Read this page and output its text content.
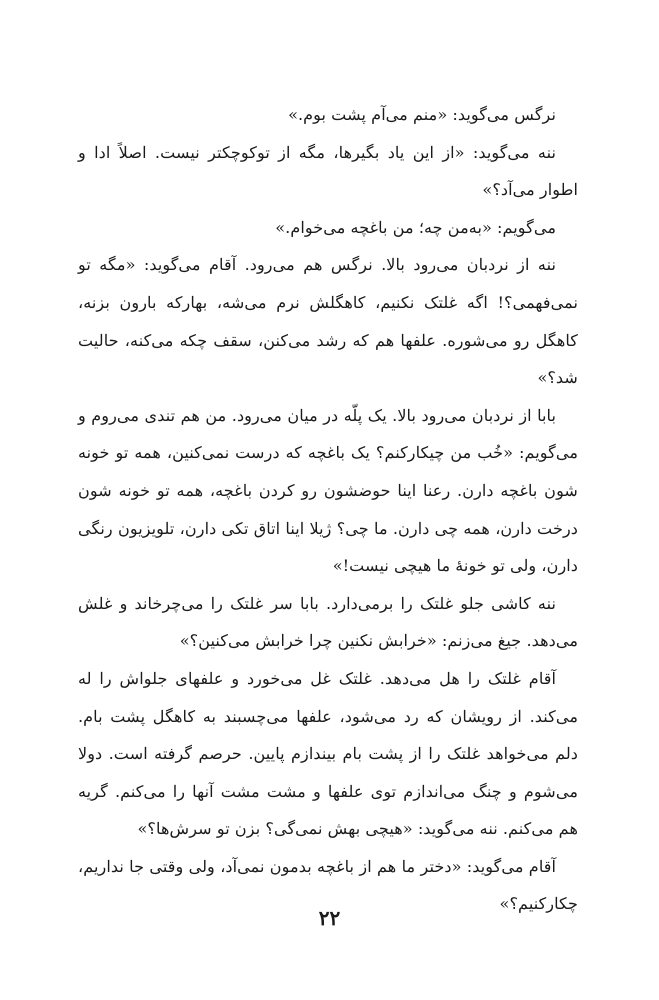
نرگس می‌گوید: «منم می‌آم پشت بوم.»

ننه می‌گوید: «از این یاد بگیرها، مگه از توکوچکتر نیست. اصلاً ادا و اطوار می‌آد؟»

می‌گویم: «به‌من چه؛ من باغچه می‌خوام.»

ننه از نردبان می‌رود بالا. نرگس هم می‌رود. آقام می‌گوید: «مگه تو نمی‌فهمی؟! اگه غلتک نکنیم، کاهگلش نرم می‌شه، بهارکه بارون بزنه، کاهگل رو می‌شوره. علفها هم که رشد می‌کنن، سقف چکه می‌کنه، حالیت شد؟»

بابا از نردبان می‌رود بالا. یک پلّه در میان می‌رود. من هم تندی می‌روم و می‌گویم: «خُب من چیکارکنم؟ یک باغچه که درست نمی‌کنین، همه تو خونه شون باغچه دارن. رعنا اینا حوضشون رو کردن باغچه، همه تو خونه شون درخت دارن، همه چی دارن. ما چی؟ ژیلا اینا اتاق تکی دارن، تلویزیون رنگی دارن، ولی تو خونهٔ ما هیچی نیست!»

ننه کاشی جلو غلتک را برمی‌دارد. بابا سر غلتک را می‌چرخاند و غلش می‌دهد. جیغ می‌زنم: «خرابش نکنین چرا خرابش می‌کنین؟»

آقام غلتک را هل می‌دهد. غلتک غل می‌خورد و علفهای جلواش را له می‌کند. از رویشان که رد می‌شود، علفها می‌چسبند به کاهگل پشت بام. دلم می‌خواهد غلتک را از پشت بام بیندازم پایین. حرصم گرفته است. دولا می‌شوم و چنگ می‌اندازم توی علفها و مشت مشت آنها را می‌کنم. گریه هم می‌کنم. ننه می‌گوید: «هیچی بهش نمی‌گی؟ بزن تو سرش‌ها؟»

آقام می‌گوید: «دختر ما هم از باغچه بدمون نمی‌آد، ولی وقتی جا نداریم، چکارکنیم؟»

۲۲
